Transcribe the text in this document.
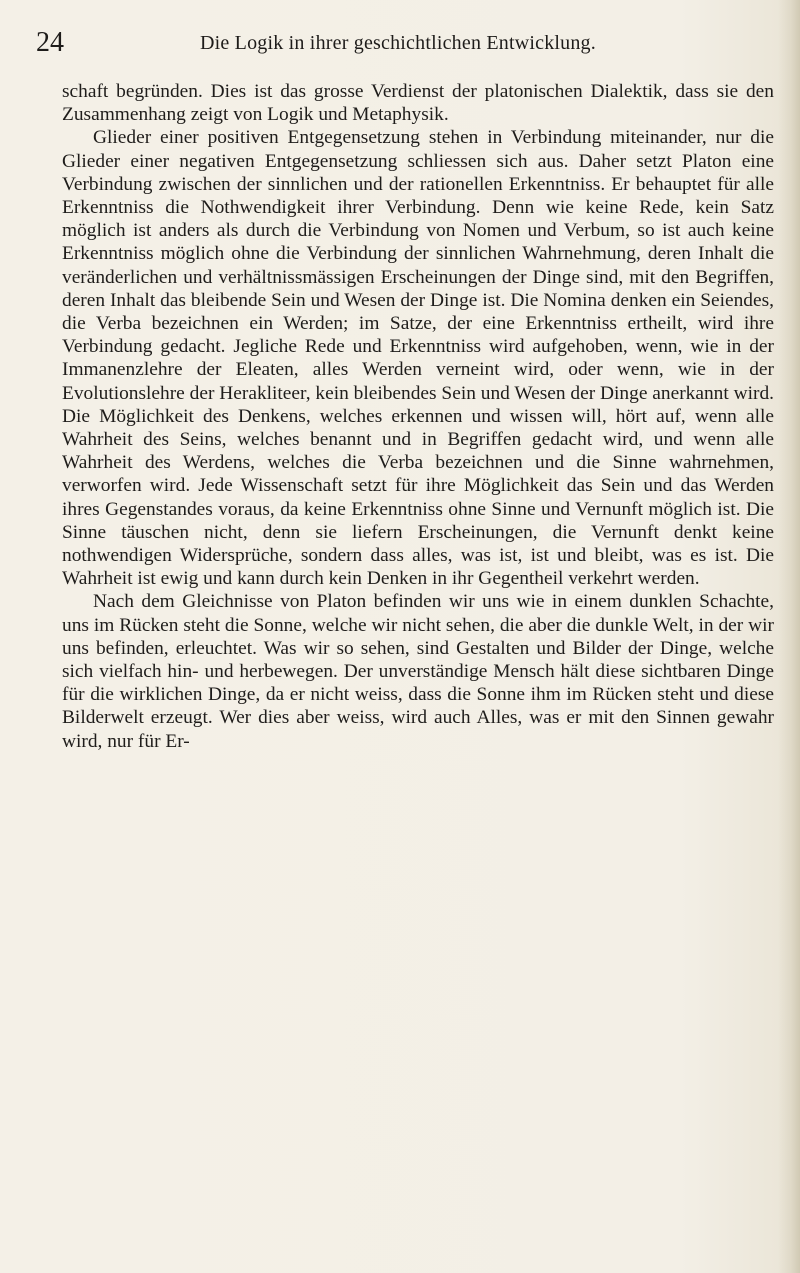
24	Die Logik in ihrer geschichtlichen Entwicklung.

schaft begründen. Dies ist das grosse Verdienst der platonischen Dialektik, dass sie den Zusammenhang zeigt von Logik und Metaphysik.

Glieder einer positiven Entgegensetzung stehen in Verbindung miteinander, nur die Glieder einer negativen Entgegensetzung schliessen sich aus. Daher setzt Platon eine Verbindung zwischen der sinnlichen und der rationellen Erkenntniss. Er behauptet für alle Erkenntniss die Nothwendigkeit ihrer Verbindung. Denn wie keine Rede, kein Satz möglich ist anders als durch die Verbindung von Nomen und Verbum, so ist auch keine Erkenntniss möglich ohne die Verbindung der sinnlichen Wahrnehmung, deren Inhalt die veränderlichen und verhältnissmässigen Erscheinungen der Dinge sind, mit den Begriffen, deren Inhalt das bleibende Sein und Wesen der Dinge ist. Die Nomina denken ein Seiendes, die Verba bezeichnen ein Werden; im Satze, der eine Erkenntniss ertheilt, wird ihre Verbindung gedacht. Jegliche Rede und Erkenntniss wird aufgehoben, wenn, wie in der Immanenzlehre der Eleaten, alles Werden verneint wird, oder wenn, wie in der Evolutionslehre der Herakliteer, kein bleibendes Sein und Wesen der Dinge anerkannt wird. Die Möglichkeit des Denkens, welches erkennen und wissen will, hört auf, wenn alle Wahrheit des Seins, welches benannt und in Begriffen gedacht wird, und wenn alle Wahrheit des Werdens, welches die Verba bezeichnen und die Sinne wahrnehmen, verworfen wird. Jede Wissenschaft setzt für ihre Möglichkeit das Sein und das Werden ihres Gegenstandes voraus, da keine Erkenntniss ohne Sinne und Vernunft möglich ist. Die Sinne täuschen nicht, denn sie liefern Erscheinungen, die Vernunft denkt keine nothwendigen Widersprüche, sondern dass alles, was ist, ist und bleibt, was es ist. Die Wahrheit ist ewig und kann durch kein Denken in ihr Gegentheil verkehrt werden.

Nach dem Gleichnisse von Platon befinden wir uns wie in einem dunklen Schachte, uns im Rücken steht die Sonne, welche wir nicht sehen, die aber die dunkle Welt, in der wir uns befinden, erleuchtet. Was wir so sehen, sind Gestalten und Bilder der Dinge, welche sich vielfach hin- und herbewegen. Der unverständige Mensch hält diese sichtbaren Dinge für die wirklichen Dinge, da er nicht weiss, dass die Sonne ihm im Rücken steht und diese Bilderwelt erzeugt. Wer dies aber weiss, wird auch Alles, was er mit den Sinnen gewahr wird, nur für Er-
